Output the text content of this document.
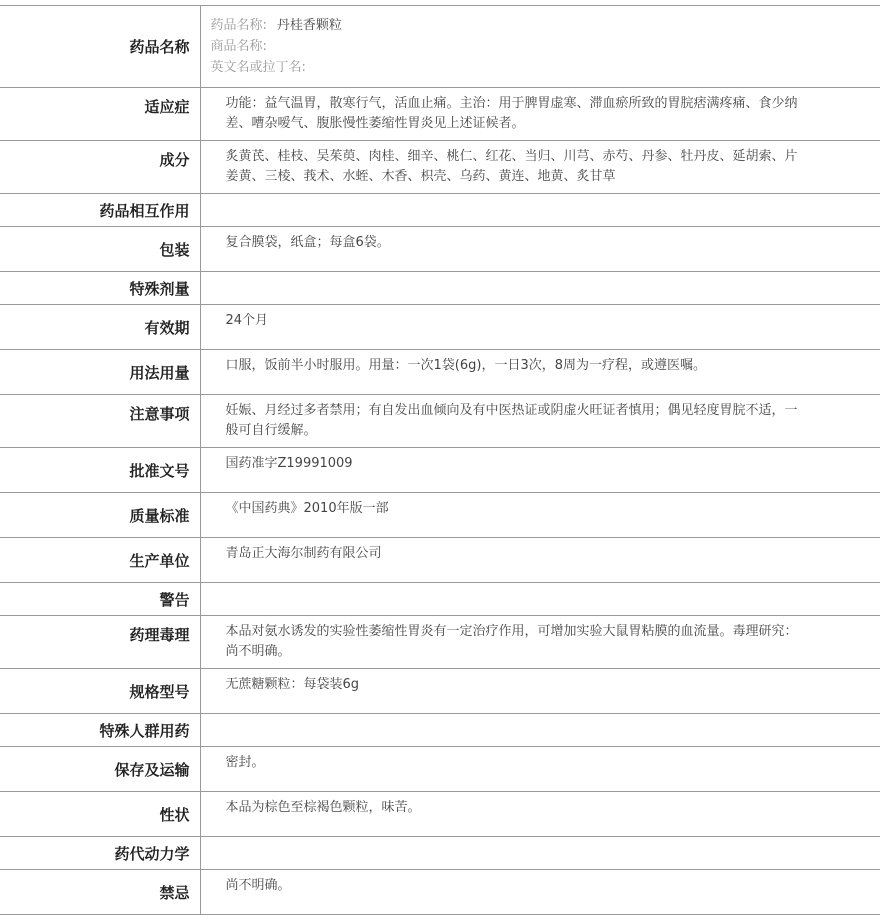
药品名称	药品名称: 丹桂香颗粒
商品名称:
英文名或拉丁名:

适应症	功能：益气温胃，散寒行气，活血止痛。主治：用于脾胃虚寒、滞血瘀所致的胃脘痞满疼痛、食少纳差、嘈杂嗳气、腹胀慢性萎缩性胃炎见上述证候者。
成分	炙黄芪、桂枝、吴茱萸、肉桂、细辛、桃仁、红花、当归、川芎、赤芍、丹参、牡丹皮、延胡索、片姜黄、三棱、莪术、水蛭、木香、枳壳、乌药、黄连、地黄、炙甘草
药品相互作用	
包装	复合膜袋，纸盒；每盒6袋。
特殊剂量	
有效期	24个月
用法用量	口服，饭前半小时服用。用量：一次1袋(6g)，一日3次，8周为一疗程，或遵医嘱。
注意事项	妊娠、月经过多者禁用；有自发出血倾向及有中医热证或阴虚火旺证者慎用；偶见轻度胃脘不适，一般可自行缓解。
批准文号	国药准字Z19991009
质量标准	《中国药典》2010年版一部
生产单位	青岛正大海尔制药有限公司
警告	
药理毒理	本品对氨水诱发的实验性萎缩性胃炎有一定治疗作用，可增加实验大鼠胃粘膜的血流量。毒理研究：尚不明确。
规格型号	无蔗糖颗粒：每袋装6g
特殊人群用药	
保存及运输	密封。
性状	本品为棕色至棕褐色颗粒，味苦。
药代动力学	
禁忌	尚不明确。
